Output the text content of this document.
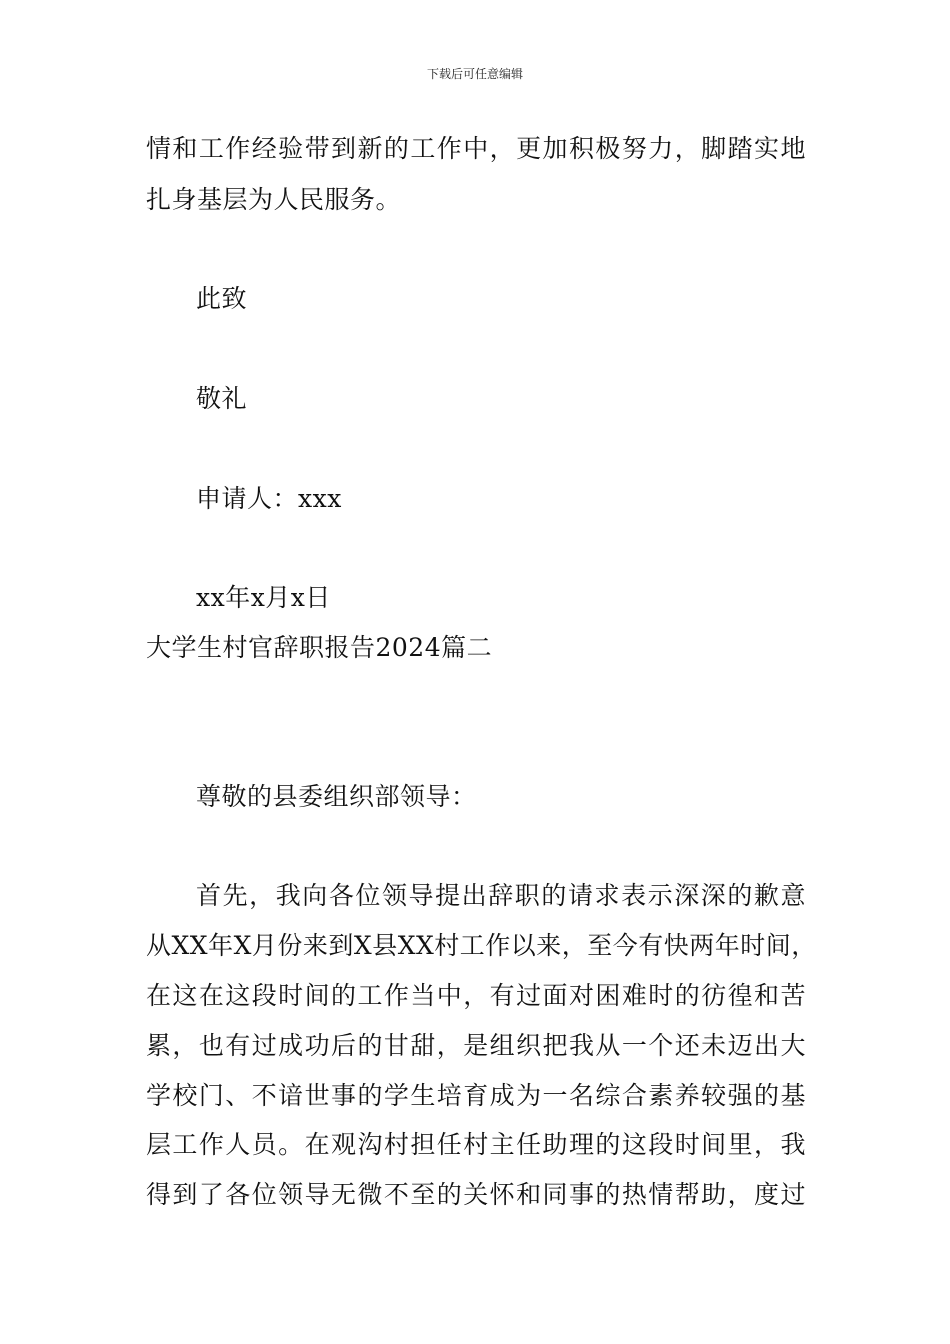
下载后可任意编辑
情和工作经验带到新的工作中，更加积极努力，脚踏实地
扎身基层为人民服务。
此致
敬礼
申请人：xxx
xx年x月x日
大学生村官辞职报告2024篇二
尊敬的县委组织部领导：
首先，我向各位领导提出辞职的请求表示深深的歉意
从XX年X月份来到X县XX村工作以来，至今有快两年时间，
在这在这段时间的工作当中，有过面对困难时的彷徨和苦
累，也有过成功后的甘甜，是组织把我从一个还未迈出大
学校门、不谙世事的学生培育成为一名综合素养较强的基
层工作人员。在观沟村担任村主任助理的这段时间里，我
得到了各位领导无微不至的关怀和同事的热情帮助，度过
